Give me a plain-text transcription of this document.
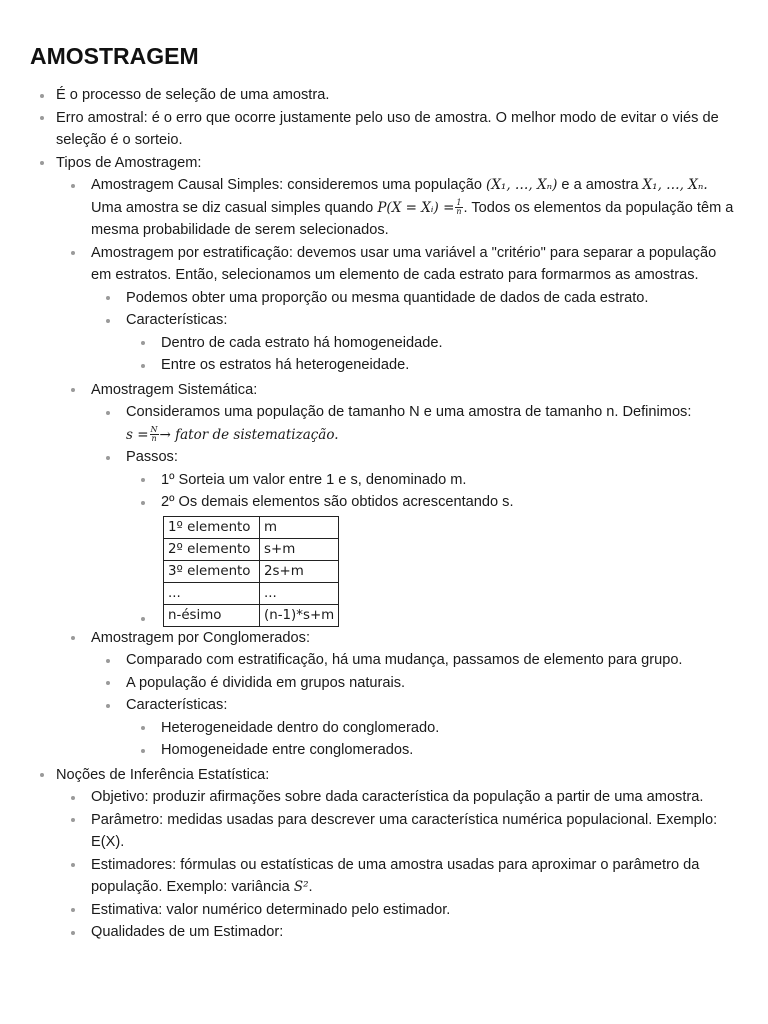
AMOSTRAGEM
É o processo de seleção de uma amostra.
Erro amostral: é o erro que ocorre justamente pelo uso de amostra. O melhor modo de evitar o viés de seleção é o sorteio.
Tipos de Amostragem:
Amostragem Causal Simples: consideremos uma população (X₁, …, Xₙ) e a amostra X₁, …, Xₙ. Uma amostra se diz casual simples quando P(X = Xᵢ) = $\frac{1}{n}$ . Todos os elementos da população têm a mesma probabilidade de serem selecionados.
Amostragem por estratificação: devemos usar uma variável a "critério" para separar a população em estratos. Então, selecionamos um elemento de cada estrato para formarmos as amostras.
Podemos obter uma proporção ou mesma quantidade de dados de cada estrato.
Características:
Dentro de cada estrato há homogeneidade.
Entre os estratos há heterogeneidade.
Amostragem Sistemática:
Consideramos uma população de tamanho N e uma amostra de tamanho n. Definimos:
$s = \frac{N}{n}$ → fator de sistematização.
Passos:
1º Sorteia um valor entre 1 e s, denominado m.
2º Os demais elementos são obtidos acrescentando s.
1º elemento	m
2º elemento	s+m
3º elemento	2s+m
...	...
n-ésimo	(n-1)*s+m
Amostragem por Conglomerados:
Comparado com estratificação, há uma mudança, passamos de elemento para grupo.
A população é dividida em grupos naturais.
Características:
Heterogeneidade dentro do conglomerado.
Homogeneidade entre conglomerados.
Noções de Inferência Estatística:
Objetivo: produzir afirmações sobre dada característica da população a partir de uma amostra.
Parâmetro: medidas usadas para descrever uma característica numérica populacional. Exemplo: E(X).
Estimadores: fórmulas ou estatísticas de uma amostra usadas para aproximar o parâmetro da população. Exemplo: variância S².
Estimativa: valor numérico determinado pelo estimador.
Qualidades de um Estimador:
